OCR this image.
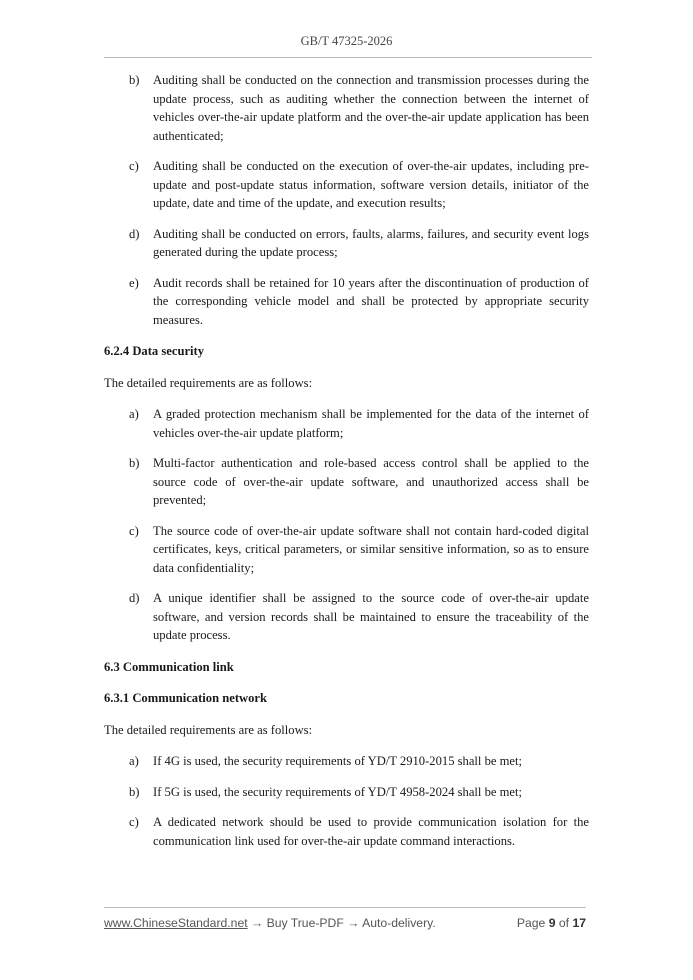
GB/T 47325-2026
b) Auditing shall be conducted on the connection and transmission processes during the update process, such as auditing whether the connection between the internet of vehicles over-the-air update platform and the over-the-air update application has been authenticated;
c) Auditing shall be conducted on the execution of over-the-air updates, including pre-update and post-update status information, software version details, initiator of the update, date and time of the update, and execution results;
d) Auditing shall be conducted on errors, faults, alarms, failures, and security event logs generated during the update process;
e) Audit records shall be retained for 10 years after the discontinuation of production of the corresponding vehicle model and shall be protected by appropriate security measures.
6.2.4 Data security
The detailed requirements are as follows:
a) A graded protection mechanism shall be implemented for the data of the internet of vehicles over-the-air update platform;
b) Multi-factor authentication and role-based access control shall be applied to the source code of over-the-air update software, and unauthorized access shall be prevented;
c) The source code of over-the-air update software shall not contain hard-coded digital certificates, keys, critical parameters, or similar sensitive information, so as to ensure data confidentiality;
d) A unique identifier shall be assigned to the source code of over-the-air update software, and version records shall be maintained to ensure the traceability of the update process.
6.3 Communication link
6.3.1 Communication network
The detailed requirements are as follows:
a) If 4G is used, the security requirements of YD/T 2910-2015 shall be met;
b) If 5G is used, the security requirements of YD/T 4958-2024 shall be met;
c) A dedicated network should be used to provide communication isolation for the communication link used for over-the-air update command interactions.
www.ChineseStandard.net → Buy True-PDF → Auto-delivery.	Page 9 of 17
